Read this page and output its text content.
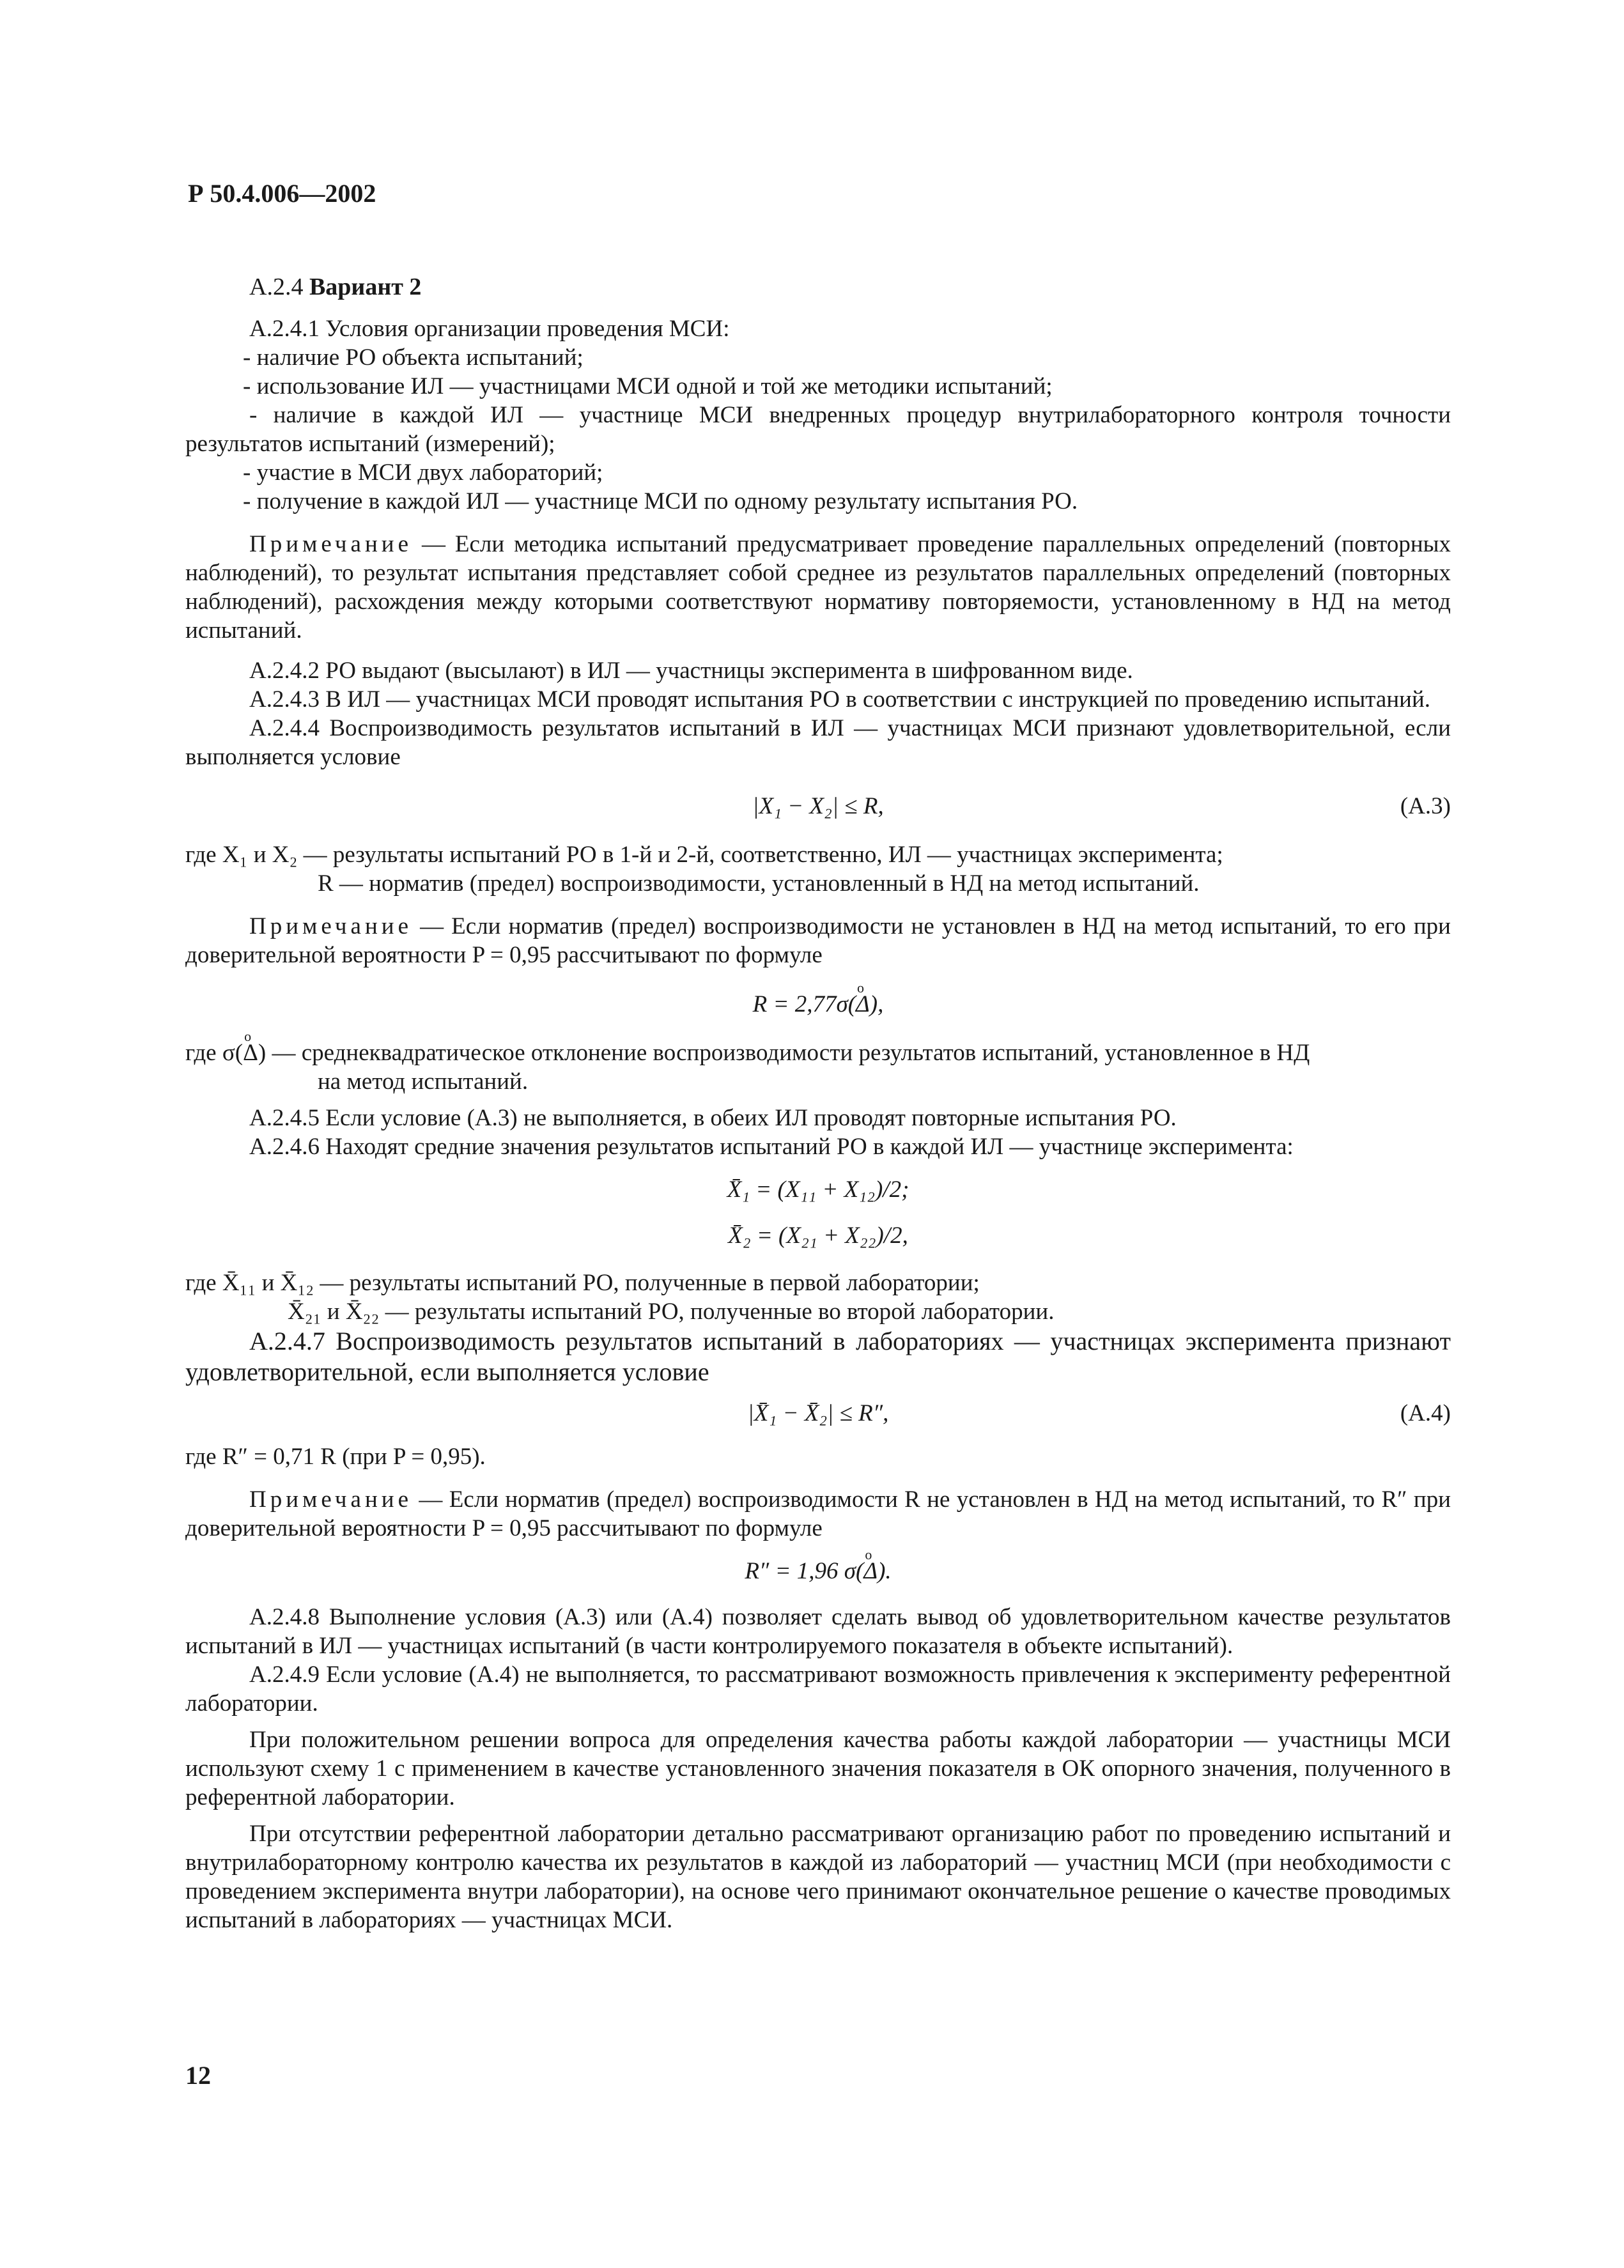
Р 50.4.006—2002
А.2.4 Вариант 2

А.2.4.1 Условия организации проведения МСИ:

- наличие РО объекта испытаний;

- использование ИЛ — участницами МСИ одной и той же методики испытаний;

- наличие в каждой ИЛ — участнице МСИ внедренных процедур внутрилабораторного контроля точности результатов испытаний (измерений);

- участие в МСИ двух лабораторий;

- получение в каждой ИЛ — участнице МСИ по одному результату испытания РО.

Примечание — Если методика испытаний предусматривает проведение параллельных определений (повторных наблюдений), то результат испытания представляет собой среднее из результатов параллельных определений (повторных наблюдений), расхождения между которыми соответствуют нормативу повторяемости, установленному в НД на метод испытаний.

А.2.4.2 РО выдают (высылают) в ИЛ — участницы эксперимента в шифрованном виде.

А.2.4.3 В ИЛ — участницах МСИ проводят испытания РО в соответствии с инструкцией по проведению испытаний.

А.2.4.4 Воспроизводимость результатов испытаний в ИЛ — участницах МСИ признают удовлетворительной, если выполняется условие

|X₁ − X₂| ≤ R,	(А.3)

где X₁ и X₂ — результаты испытаний РО в 1-й и 2-й, соответственно, ИЛ — участницах эксперимента;

R — норматив (предел) воспроизводимости, установленный в НД на метод испытаний.

Примечание — Если норматив (предел) воспроизводимости не установлен в НД на метод испытаний, то его при доверительной вероятности P = 0,95 рассчитывают по формуле

R = 2,77σ(o Δ),

где σ(o Δ) — среднеквадратическое отклонение воспроизводимости результатов испытаний, установленное в НД

на метод испытаний.

А.2.4.5 Если условие (А.3) не выполняется, в обеих ИЛ проводят повторные испытания РО.

А.2.4.6 Находят средние значения результатов испытаний РО в каждой ИЛ — участнице эксперимента:

X̄₁ = (X₁₁ + X₁₂)/2;
X̄₂ = (X₂₁ + X₂₂)/2,

где X̄₁₁ и X̄₁₂ — результаты испытаний РО, полученные в первой лаборатории;

X̄₂₁ и X̄₂₂ — результаты испытаний РО, полученные во второй лаборатории.

А.2.4.7 Воспроизводимость результатов испытаний в лабораториях — участницах эксперимента признают удовлетворительной, если выполняется условие

|X̄₁ − X̄₂| ≤ R″,	(А.4)

где R″ = 0,71 R (при P = 0,95).

Примечание — Если норматив (предел) воспроизводимости R не установлен в НД на метод испытаний, то R″ при доверительной вероятности P = 0,95 рассчитывают по формуле

R″ = 1,96 σ(o Δ).

А.2.4.8 Выполнение условия (А.3) или (А.4) позволяет сделать вывод об удовлетворительном качестве результатов испытаний в ИЛ — участницах испытаний (в части контролируемого показателя в объекте испытаний).

А.2.4.9 Если условие (А.4) не выполняется, то рассматривают возможность привлечения к эксперименту референтной лаборатории.

При положительном решении вопроса для определения качества работы каждой лаборатории — участницы МСИ используют схему 1 с применением в качестве установленного значения показателя в ОК опорного значения, полученного в референтной лаборатории.

При отсутствии референтной лаборатории детально рассматривают организацию работ по проведению испытаний и внутрилабораторному контролю качества их результатов в каждой из лабораторий — участниц МСИ (при необходимости с проведением эксперимента внутри лаборатории), на основе чего принимают окончательное решение о качестве проводимых испытаний в лабораториях — участницах МСИ.

12
